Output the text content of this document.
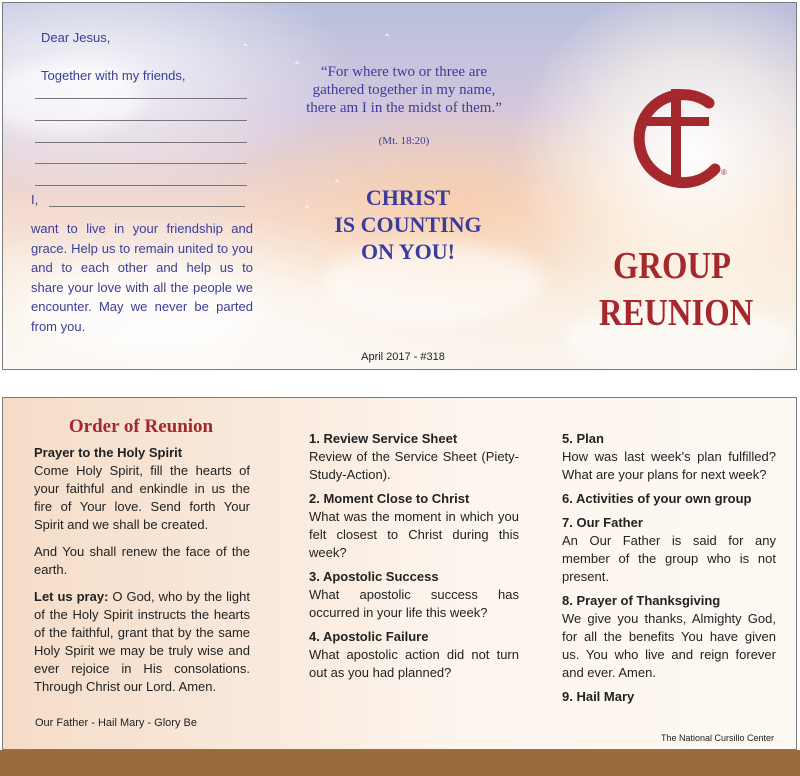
⌃
⌃
⌃
⌃
⌃
Dear Jesus,
Together with my friends,
I,
want to live in your friendship and grace. Help us to remain united to you and to each other and help us to share your love with all the people we encounter. May we never be parted from you.
“For where two or three are gathered together in my name, there am I in the midst of them.”
(Mt. 18:20)
CHRIST
IS COUNTING
ON YOU!
April 2017 - #318
®
GROUP
REUNION
Order of Reunion
Prayer to the Holy Spirit
Come Holy Spirit, fill the hearts of your faithful and enkindle in us the fire of Your love. Send forth Your Spirit and we shall be created.
And You shall renew the face of the earth.
Let us pray: O God, who by the light of the Holy Spirit instructs the hearts of the faithful, grant that by the same Holy Spirit we may be truly wise and ever rejoice in His consolations. Through Christ our Lord. Amen.
Our Father - Hail Mary - Glory Be
1. Review Service Sheet
Review of the Service Sheet (Piety-Study-Action).
2. Moment Close to Christ
What was the moment in which you felt closest to Christ during this week?
3. Apostolic Success
What apostolic success has occurred in your life this week?
4. Apostolic Failure
What apostolic action did not turn out as you had planned?
5. Plan
How was last week’s plan fulfilled? What are your plans for next week?
6. Activities of your own group
7. Our Father
An Our Father is said for any member of the group who is not present.
8. Prayer of Thanksgiving
We give you thanks, Almighty God, for all the benefits You have given us. You who live and reign forever and ever. Amen.
9. Hail Mary
The National Cursillo Center
